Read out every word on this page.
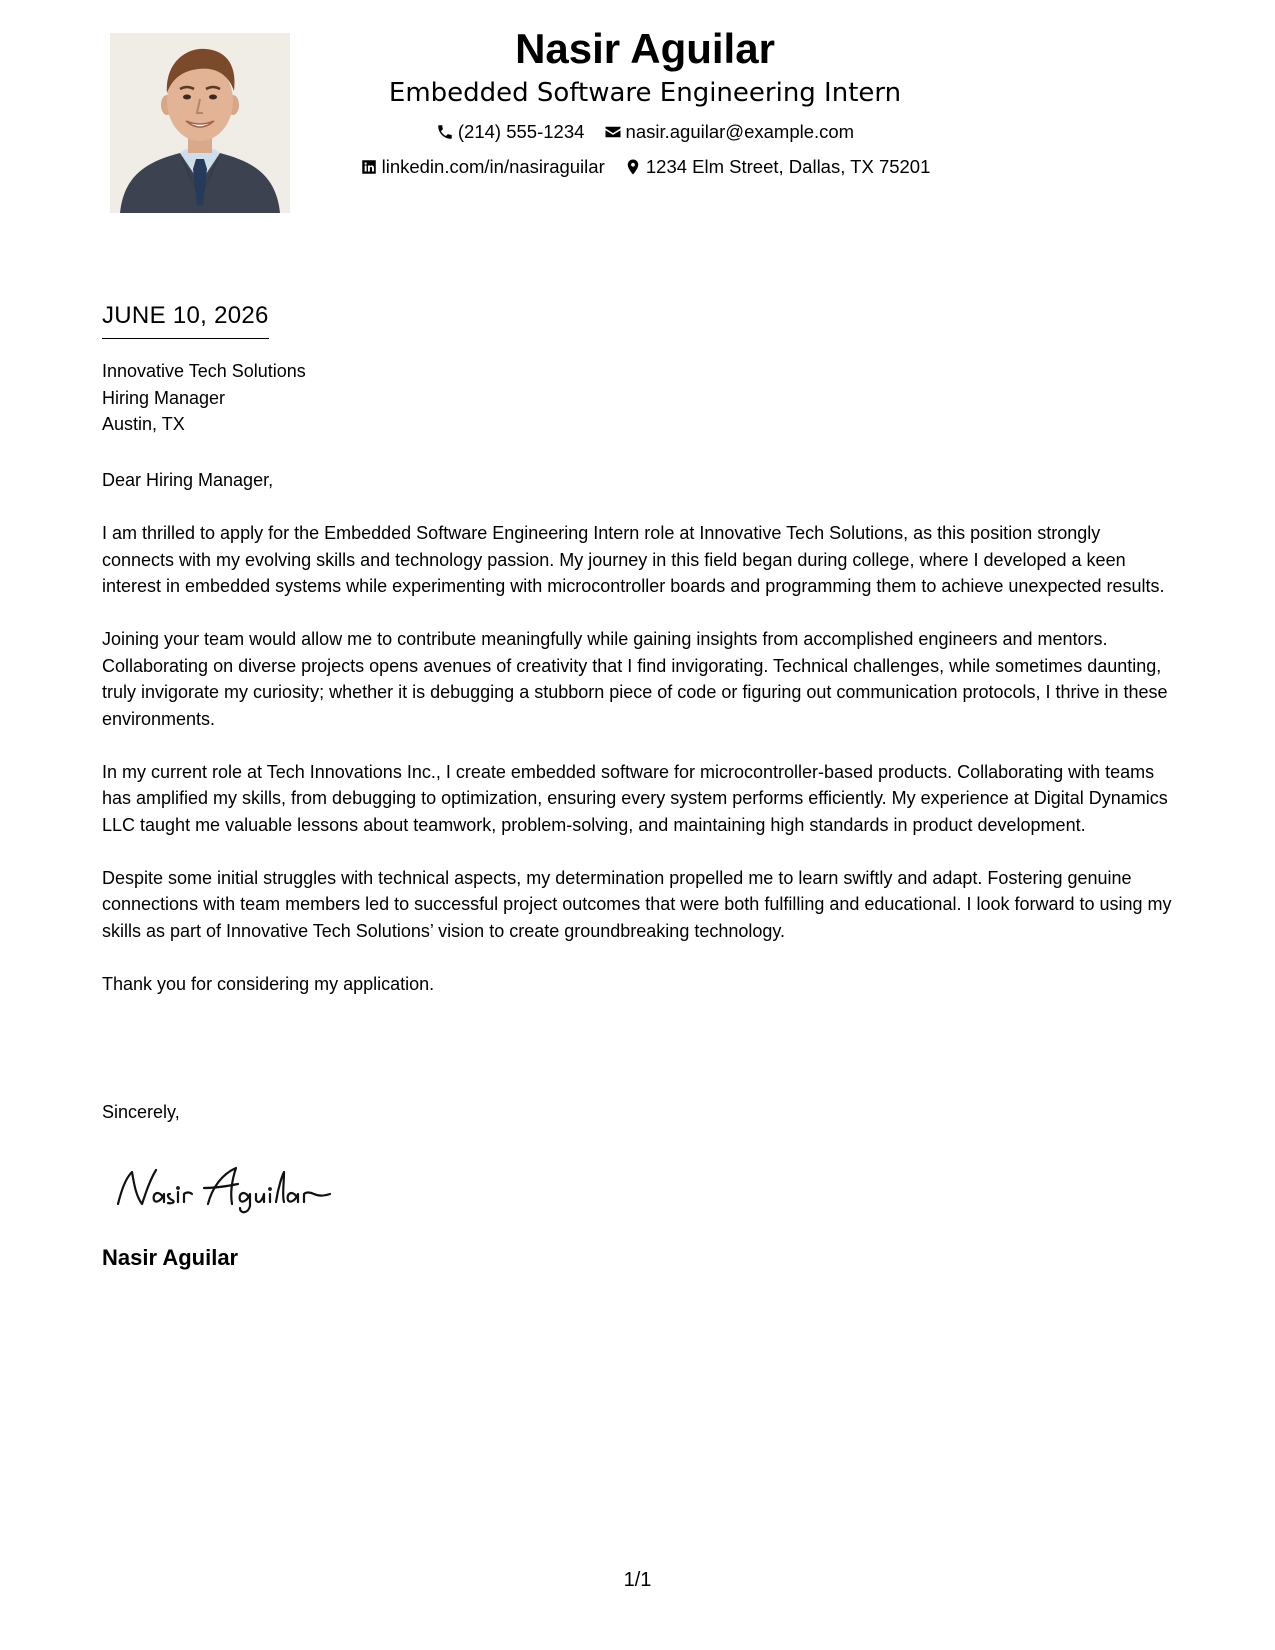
Nasir Aguilar
Embedded Software Engineering Intern
(214) 555-1234
nasir.aguilar@example.com
linkedin.com/in/nasiraguilar
1234 Elm Street, Dallas, TX 75201
JUNE 10, 2026
Innovative Tech Solutions
Hiring Manager
Austin, TX

Dear Hiring Manager,

I am thrilled to apply for the Embedded Software Engineering Intern role at Innovative Tech Solutions, as this position strongly connects with my evolving skills and technology passion. My journey in this field began during college, where I developed a keen interest in embedded systems while experimenting with microcontroller boards and programming them to achieve unexpected results.

Joining your team would allow me to contribute meaningfully while gaining insights from accomplished engineers and mentors. Collaborating on diverse projects opens avenues of creativity that I find invigorating. Technical challenges, while sometimes daunting, truly invigorate my curiosity; whether it is debugging a stubborn piece of code or figuring out communication protocols, I thrive in these environments.

In my current role at Tech Innovations Inc., I create embedded software for microcontroller-based products. Collaborating with teams has amplified my skills, from debugging to optimization, ensuring every system performs efficiently. My experience at Digital Dynamics LLC taught me valuable lessons about teamwork, problem-solving, and maintaining high standards in product development.

Despite some initial struggles with technical aspects, my determination propelled me to learn swiftly and adapt. Fostering genuine connections with team members led to successful project outcomes that were both fulfilling and educational. I look forward to using my skills as part of Innovative Tech Solutions’ vision to create groundbreaking technology.

Thank you for considering my application.

Sincerely,
Nasir Aguilar
1/1
